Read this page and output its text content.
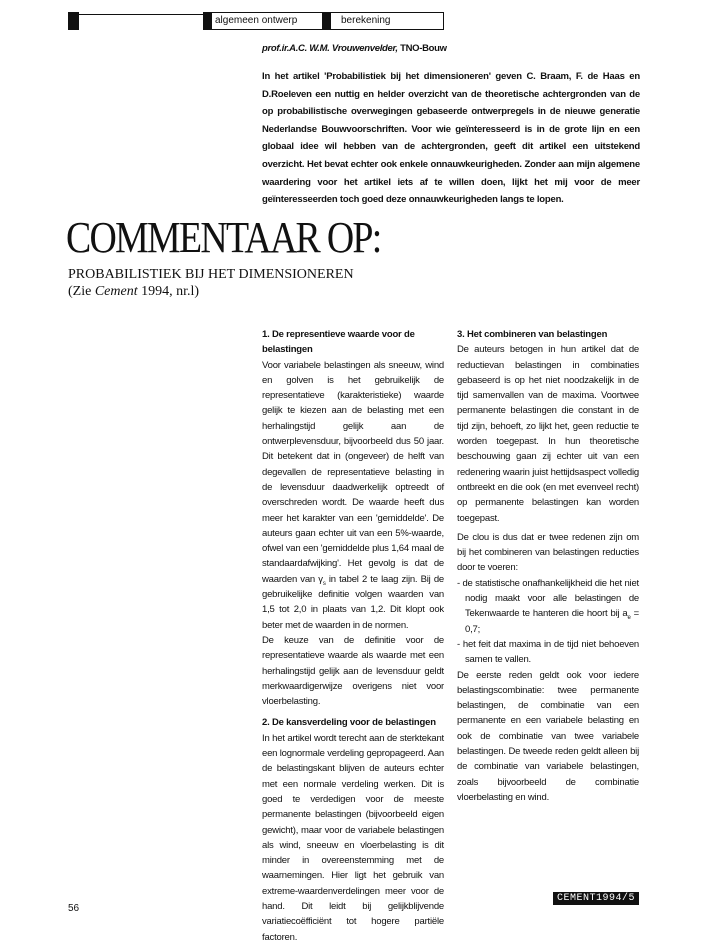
algemeen ontwerp	berekening
prof.ir.A.C. W.M. Vrouwenvelder, TNO-Bouw

In het artikel 'Probabilistiek bij het dimensioneren' geven C. Braam, F. de Haas en D.Roeleven een nuttig en helder overzicht van de theoretische achtergronden van de op probabilistische overwegingen gebaseerde ontwerpregels in de nieuwe generatie Nederlandse Bouwvoorschriften. Voor wie geïnteresseerd is in de grote lijn en een globaal idee wil hebben van de achtergronden, geeft dit artikel een uitstekend overzicht. Het bevat echter ook enkele onnauwkeurigheden. Zonder aan mijn algemene waardering voor het artikel iets af te willen doen, lijkt het mij voor de meer geïnteresseerden toch goed deze onnauwkeurigheden langs te lopen.

COMMENTAAR OP:
PROBABILISTIEK BIJ HET DIMENSIONEREN
(Zie Cement 1994, nr.l)
1. De representieve waarde voor de belastingen

Voor variabele belastingen als sneeuw, wind en golven is het gebruikelijk de representatieve (karakteristieke) waarde gelijk te kiezen aan de belasting met een herhalingstijd gelijk aan de ontwerplevensduur, bijvoorbeeld dus 50 jaar. Dit betekent dat in (ongeveer) de helft van degevallen de representatieve belasting in de levensduur daadwerkelijk optreedt of overschreden wordt. De waarde heeft dus meer het karakter van een 'gemiddelde'. De auteurs gaan echter uit van een 5%-waarde, ofwel van een 'gemiddelde plus 1,64 maal de standaardafwijking'. Het gevolg is dat de waarden van $\gamma_s$ in tabel 2 te laag zijn. Bij de gebruikelijke definitie volgen waarden van 1,5 tot 2,0 in plaats van 1,2. Dit klopt ook beter met de waarden in de normen.

De keuze van de definitie voor de representatieve waarde als waarde met een herhalingstijd gelijk aan de levensduur geldt merkwaardigerwijze overigens niet voor vloerbelasting.

2. De kansverdeling voor de belastingen

In het artikel wordt terecht aan de sterktekant een lognormale verdeling gepropageerd. Aan de belastingskant blijven de auteurs echter met een normale verdeling werken. Dit is goed te verdedigen voor de meeste permanente belastingen (bijvoorbeeld eigen gewicht), maar voor de variabele belastingen als wind, sneeuw en vloerbelasting is dit minder in overeenstemming met de waarnemingen. Hier ligt het gebruik van extreme-waardenverdelingen meer voor de hand. Dit leidt bij gelijkblijvende variatiecoëfficiënt tot hogere partiële factoren.

3. Het combineren van belastingen

De auteurs betogen in hun artikel dat de reductievan belastingen in combinaties gebaseerd is op het niet noodzakelijk in de tijd samenvallen van de maxima. Voortwee permanente belastingen die constant in de tijd zijn, behoeft, zo lijkt het, geen reductie te worden toegepast. In hun theoretische beschouwing gaan zij echter uit van een redenering waarin juist hettijdsaspect volledig ontbreekt en die ook (en met evenveel recht) op permanente belastingen kan worden toegepast.

De clou is dus dat er twee redenen zijn om bij het combineren van belastingen reducties door te voeren:

- de statistische onafhankelijkheid die het niet nodig maakt voor alle belastingen de Tekenwaarde te hanteren die hoort bij $a_e = 0,7$;

- het feit dat maxima in de tijd niet behoeven samen te vallen.

De eerste reden geldt ook voor iedere belastingscombinatie: twee permanente belastingen, de combinatie van een permanente en een variabele belasting en ook de combinatie van twee variabele belastingen. De tweede reden geldt alleen bij de combinatie van variabele belastingen, zoals bijvoorbeeld de combinatie vloerbelasting en wind.

56
CEMENT1994/5
